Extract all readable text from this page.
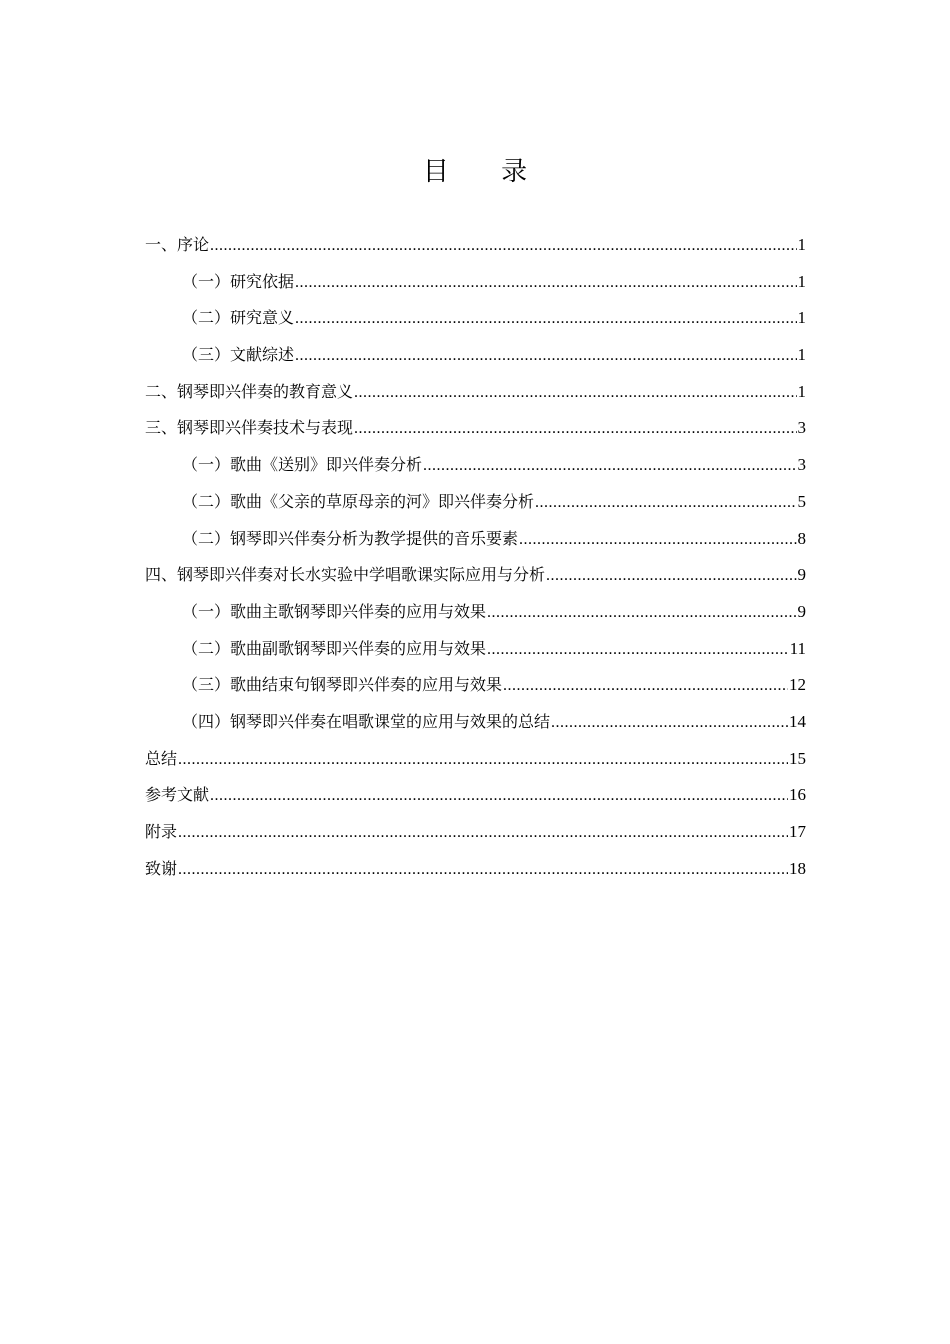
目 录
一、序论 .....	1
（一）研究依据 .....	1
（二）研究意义 .....	1
（三）文献综述 .....	1
二、钢琴即兴伴奏的教育意义 .....	1
三、钢琴即兴伴奏技术与表现 .....	3
（一）歌曲《送别》即兴伴奏分析 .....	3
（二）歌曲《父亲的草原母亲的河》即兴伴奏分析 .....	5
（二）钢琴即兴伴奏分析为教学提供的音乐要素 .....	8
四、钢琴即兴伴奏对长水实验中学唱歌课实际应用与分析 .....	9
（一）歌曲主歌钢琴即兴伴奏的应用与效果 .....	9
（二）歌曲副歌钢琴即兴伴奏的应用与效果 .....	11
（三）歌曲结束句钢琴即兴伴奏的应用与效果 .....	12
（四）钢琴即兴伴奏在唱歌课堂的应用与效果的总结 .....	14
总结 .....	15
参考文献 .....	16
附录 .....	17
致谢 .....	18
